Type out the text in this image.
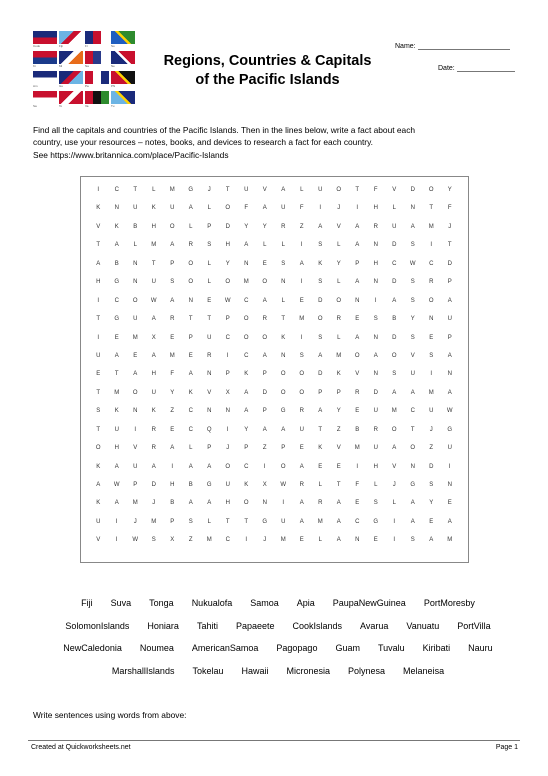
Cook	Fiji	Fr	So
Ki	Mi	Na	Ne
Am	Gu	Pa	PN
Sa	To	Va	Tu
Regions, Countries & Capitals
of the Pacific Islands
Name:
Date:
Find all the capitals and countries of the Pacific Islands. Then in the lines below, write a fact about each
country, use your resources – notes, books, and devices to research a fact for each country.
See https://www.britannica.com/place/Pacific-Islands
I	C	T	L	M	G	J	T	U	V	A	L	U	O	T	F	V	D	O	Y
K	N	U	K	U	A	L	O	F	A	U	F	I	J	I	H	L	N	T	F
V	K	B	H	O	L	P	D	Y	Y	R	Z	A	V	A	R	U	A	M	J
T	A	L	M	A	R	S	H	A	L	L	I	S	L	A	N	D	S	I	T
A	B	N	T	P	O	L	Y	N	E	S	A	K	Y	P	H	C	W	C	D
H	G	N	U	S	O	L	O	M	O	N	I	S	L	A	N	D	S	R	P
I	C	O	W	A	N	E	W	C	A	L	E	D	O	N	I	A	S	O	A
T	G	U	A	R	T	T	P	O	R	T	M	O	R	E	S	B	Y	N	U
I	E	M	X	E	P	U	C	O	O	K	I	S	L	A	N	D	S	E	P
U	A	E	A	M	E	R	I	C	A	N	S	A	M	O	A	O	V	S	A
E	T	A	H	F	A	N	P	K	P	O	O	D	K	V	N	S	U	I	N
T	M	O	U	Y	K	V	X	A	D	O	O	P	P	R	D	A	A	M	A
S	K	N	K	Z	C	N	N	A	P	G	R	A	Y	E	U	M	C	U	W
T	U	I	R	E	C	Q	I	Y	A	A	U	T	Z	B	R	O	T	J	G
O	H	V	R	A	L	P	J	P	Z	P	E	K	V	M	U	A	O	Z	U
K	A	U	A	I	A	A	O	C	I	O	A	E	E	I	H	V	N	D	I
A	W	P	D	H	B	G	U	K	X	W	R	L	T	F	L	J	G	S	N
K	A	M	J	B	A	A	H	O	N	I	A	R	A	E	S	L	A	Y	E
U	I	J	M	P	S	L	T	T	G	U	A	M	A	C	G	I	A	E	A
V	I	W	S	X	Z	M	C	I	J	M	E	L	A	N	E	I	S	A	M
Fiji Suva Tonga Nukualofa Samoa Apia PaupaNewGuinea PortMoresby
SolomonIslands Honiara Tahiti Papaeete CookIslands Avarua Vanuatu PortVilla
NewCaledonia Noumea AmericanSamoa Pagopago Guam Tuvalu Kiribati Nauru
MarshallIslands Tokelau Hawaii Micronesia Polynesa Melaneisa
Write sentences using words from above:
Created at Quickworksheets.net	Page 1
